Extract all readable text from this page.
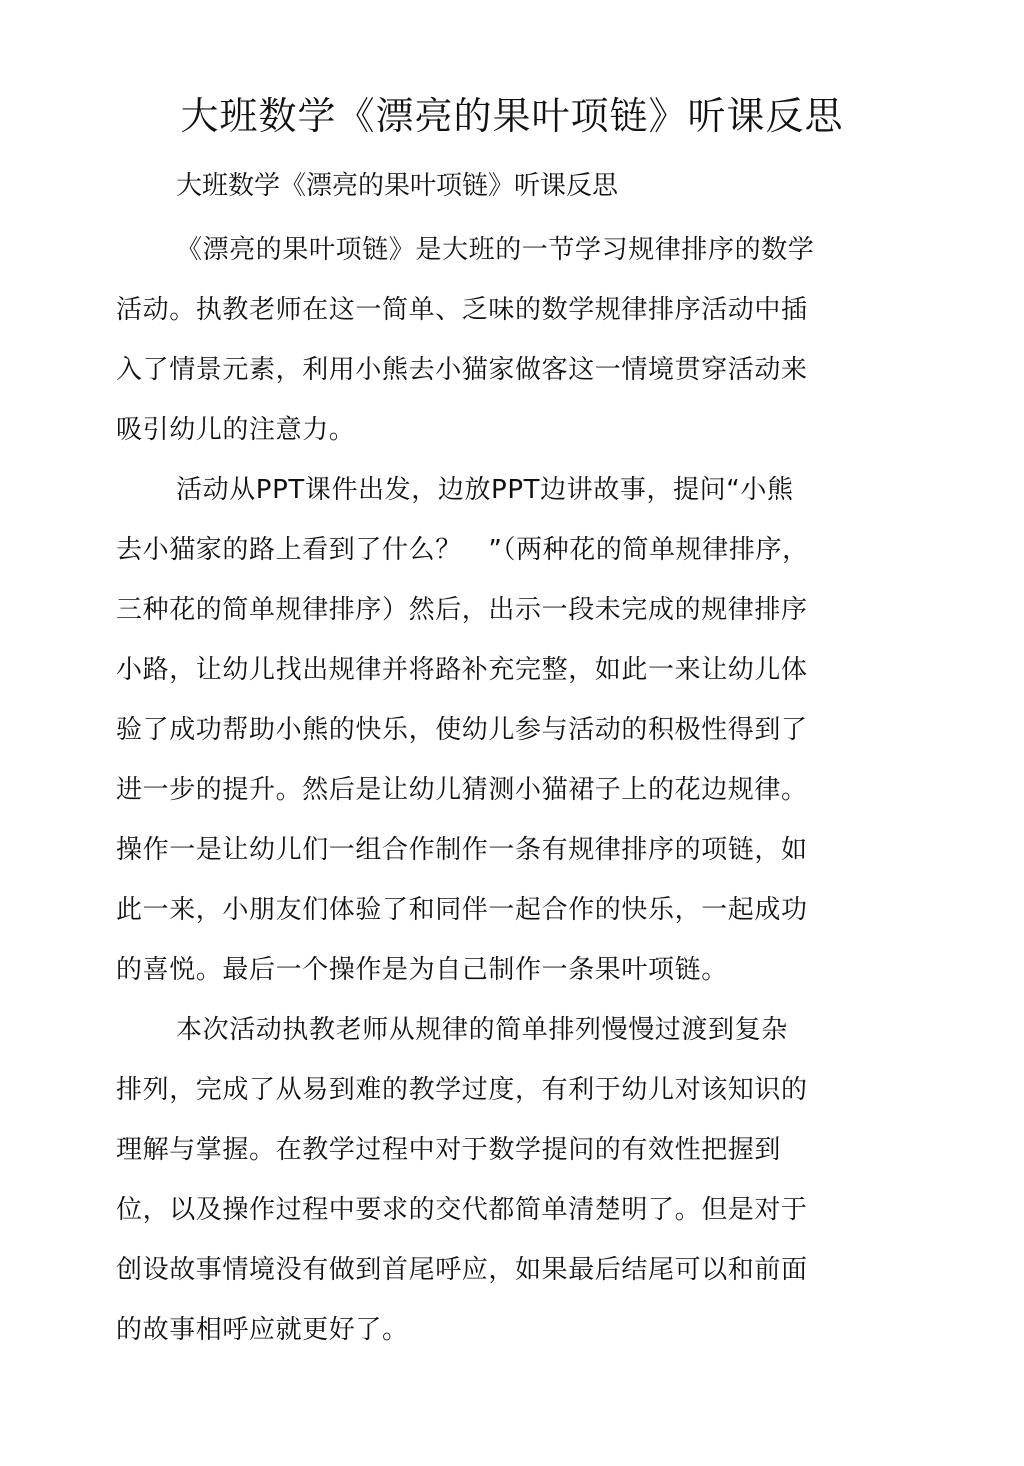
大班数学《漂亮的果叶项链》听课反思

大班数学《漂亮的果叶项链》听课反思

《漂亮的果叶项链》是大班的一节学习规律排序的数学

活动。执教老师在这一简单、乏味的数学规律排序活动中插

入了情景元素，利用小熊去小猫家做客这一情境贯穿活动来

吸引幼儿的注意力。

活动从PPT课件出发，边放PPT边讲故事，提问“小熊

去小猫家的路上看到了什么？　”（两种花的简单规律排序，

三种花的简单规律排序）然后，出示一段未完成的规律排序

小路，让幼儿找出规律并将路补充完整，如此一来让幼儿体

验了成功帮助小熊的快乐，使幼儿参与活动的积极性得到了

进一步的提升。然后是让幼儿猜测小猫裙子上的花边规律。

操作一是让幼儿们一组合作制作一条有规律排序的项链，如

此一来，小朋友们体验了和同伴一起合作的快乐，一起成功

的喜悦。最后一个操作是为自己制作一条果叶项链。

本次活动执教老师从规律的简单排列慢慢过渡到复杂

排列，完成了从易到难的教学过度，有利于幼儿对该知识的

理解与掌握。在教学过程中对于数学提问的有效性把握到

位，以及操作过程中要求的交代都简单清楚明了。但是对于

创设故事情境没有做到首尾呼应，如果最后结尾可以和前面

的故事相呼应就更好了。
